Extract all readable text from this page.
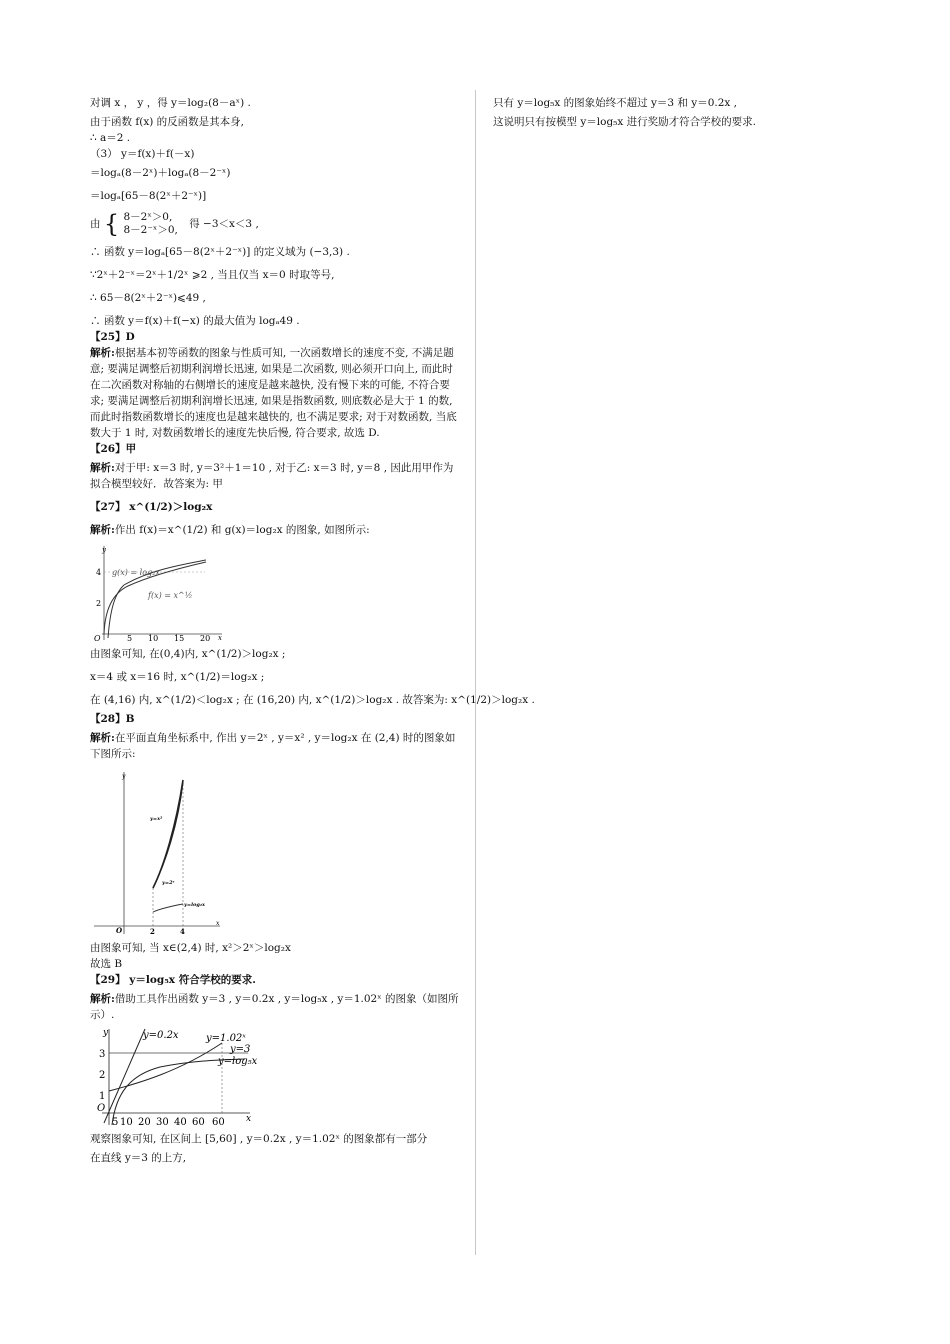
对调 x ， y ，得 y＝log₂(8－aˣ) .
由于函数 f(x) 的反函数是其本身,
∴ a＝2 .
（3） y＝f(x)＋f(－x)
＝logₐ(8－2ˣ)＋logₐ(8－2⁻ˣ)
＝logₐ[65－8(2ˣ＋2⁻ˣ)]
由 { 8－2ˣ＞0,
8－2⁻ˣ＞0, 得 −3＜x＜3 ,
∴ 函数 y＝logₐ[65－8(2ˣ＋2⁻ˣ)] 的定义域为 (−3,3) .
∵2ˣ＋2⁻ˣ＝2ˣ＋1/2ˣ ⩾2 , 当且仅当 x＝0 时取等号,
∴ 65－8(2ˣ＋2⁻ˣ)⩽49 ,
∴ 函数 y＝f(x)＋f(−x) 的最大值为 logₐ49 .
【25】D
解析:根据基本初等函数的图象与性质可知, 一次函数增长的速度不变, 不满足题意; 要满足调整后初期利润增长迅速, 如果是二次函数, 则必须开口向上, 而此时在二次函数对称轴的右侧增长的速度是越来越快, 没有慢下来的可能, 不符合要求; 要满足调整后初期利润增长迅速, 如果是指数函数, 则底数必是大于 1 的数, 而此时指数函数增长的速度也是越来越快的, 也不满足要求; 对于对数函数, 当底数大于 1 时, 对数函数增长的速度先快后慢, 符合要求, 故选 D.
【26】甲
解析:对于甲: x＝3 时, y＝3²＋1＝10 , 对于乙: x＝3 时, y＝8 , 因此用甲作为拟合模型较好．故答案为: 甲
【27】 x^(1/2)＞log₂x
解析:作出 f(x)＝x^(1/2) 和 g(x)＝log₂x 的图象, 如图所示:
y
x
O
2
4
5 10 15 20
g(x) = log₂x
f(x) = x^½
由图象可知, 在(0,4)内, x^(1/2)＞log₂x ;
x＝4 或 x＝16 时, x^(1/2)＝log₂x ;
在 (4,16) 内, x^(1/2)＜log₂x ; 在 (16,20) 内, x^(1/2)＞log₂x . 故答案为: x^(1/2)＞log₂x .
【28】B
解析:在平面直角坐标系中, 作出 y＝2ˣ , y＝x² , y＝log₂x 在 (2,4) 时的图象如下图所示:
y
x
O	2	4
y=x²
y=2ˣ
y=log₂x
由图象可知, 当 x∈(2,4) 时, x²＞2ˣ＞log₂x
故选 B
【29】 y＝log₅x 符合学校的要求.
解析:借助工具作出函数 y＝3 , y＝0.2x , y＝log₅x , y＝1.02ˣ 的图象（如图所示）.
y
x
O
1
2
3
5 10 20 30 40 60 60
y=0.2x	y=1.02ˣ
y=3
y=log₅x
观察图象可知, 在区间上 [5,60] , y＝0.2x , y＝1.02ˣ 的图象都有一部分
在直线 y＝3 的上方,
只有 y＝log₅x 的图象始终不超过 y＝3 和 y＝0.2x ,
这说明只有按模型 y＝log₅x 进行奖励才符合学校的要求.
